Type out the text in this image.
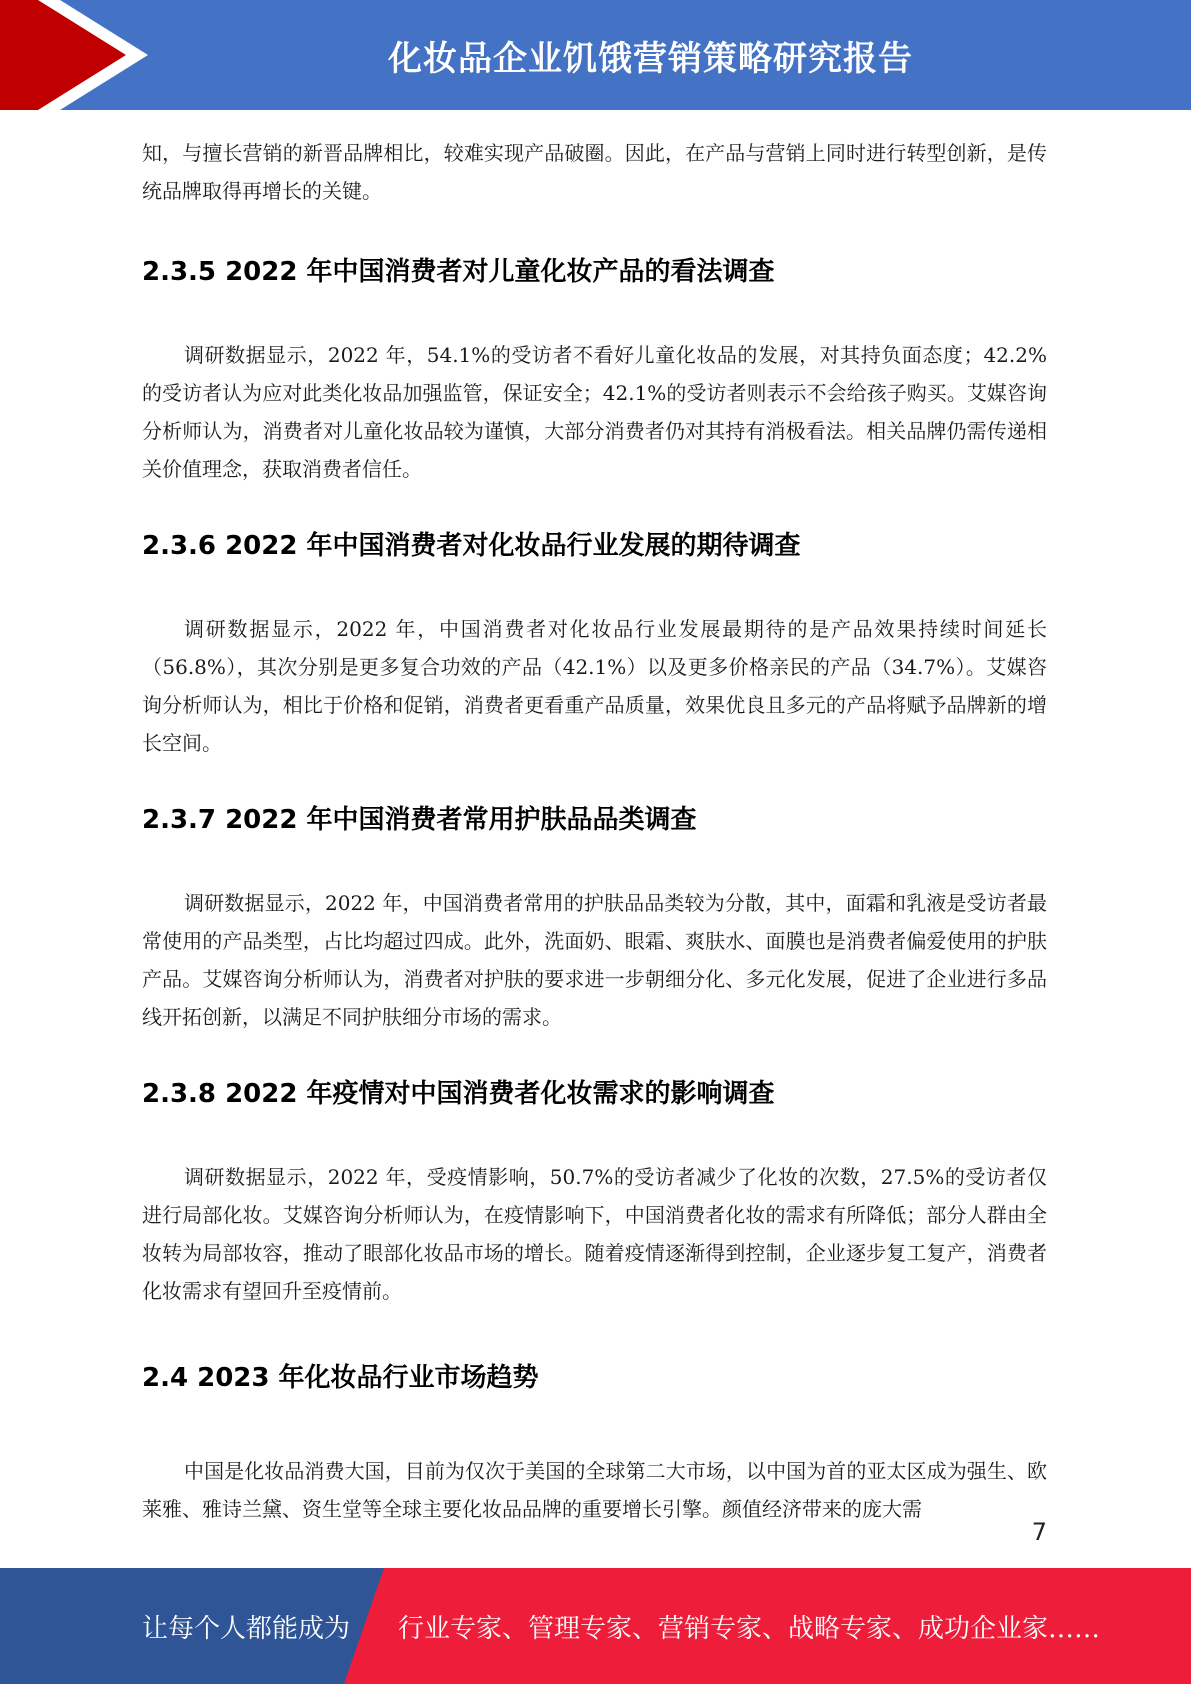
化妆品企业饥饿营销策略研究报告

知，与擅长营销的新晋品牌相比，较难实现产品破圈。因此，在产品与营销上同时进行转型创新，是传统品牌取得再增长的关键。

2.3.5 2022 年中国消费者对儿童化妆产品的看法调查

调研数据显示，2022 年，54.1%的受访者不看好儿童化妆品的发展，对其持负面态度；42.2%的受访者认为应对此类化妆品加强监管，保证安全；42.1%的受访者则表示不会给孩子购买。艾媒咨询分析师认为，消费者对儿童化妆品较为谨慎，大部分消费者仍对其持有消极看法。相关品牌仍需传递相关价值理念，获取消费者信任。

2.3.6 2022 年中国消费者对化妆品行业发展的期待调查

调研数据显示，2022 年，中国消费者对化妆品行业发展最期待的是产品效果持续时间延长（56.8%），其次分别是更多复合功效的产品（42.1%）以及更多价格亲民的产品（34.7%）。艾媒咨询分析师认为，相比于价格和促销，消费者更看重产品质量，效果优良且多元的产品将赋予品牌新的增长空间。

2.3.7 2022 年中国消费者常用护肤品品类调查

调研数据显示，2022 年，中国消费者常用的护肤品品类较为分散，其中，面霜和乳液是受访者最常使用的产品类型，占比均超过四成。此外，洗面奶、眼霜、爽肤水、面膜也是消费者偏爱使用的护肤产品。艾媒咨询分析师认为，消费者对护肤的要求进一步朝细分化、多元化发展，促进了企业进行多品线开拓创新，以满足不同护肤细分市场的需求。

2.3.8 2022 年疫情对中国消费者化妆需求的影响调查

调研数据显示，2022 年，受疫情影响，50.7%的受访者减少了化妆的次数，27.5%的受访者仅进行局部化妆。艾媒咨询分析师认为，在疫情影响下，中国消费者化妆的需求有所降低；部分人群由全妆转为局部妆容，推动了眼部化妆品市场的增长。随着疫情逐渐得到控制，企业逐步复工复产，消费者化妆需求有望回升至疫情前。

2.4 2023 年化妆品行业市场趋势

中国是化妆品消费大国，目前为仅次于美国的全球第二大市场，以中国为首的亚太区成为强生、欧莱雅、雅诗兰黛、资生堂等全球主要化妆品品牌的重要增长引擎。颜值经济带来的庞大需

7
让每个人都能成为 行业专家、管理专家、营销专家、战略专家、成功企业家……
